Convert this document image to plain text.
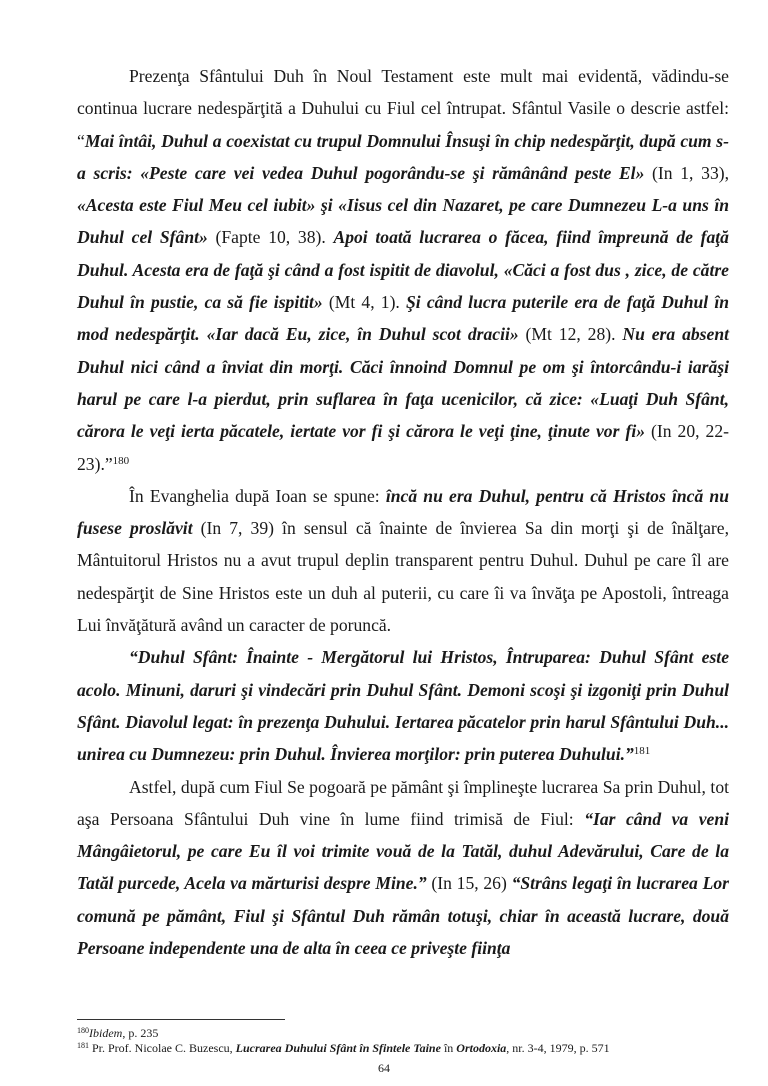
Prezenţa Sfântului Duh în Noul Testament este mult mai evidentă, vădindu-se continua lucrare nedespărţită a Duhului cu Fiul cel întrupat. Sfântul Vasile o descrie astfel: “Mai întâi, Duhul a coexistat cu trupul Domnului Însuşi în chip nedespărţit, după cum s-a scris: «Peste care vei vedea Duhul pogorându-se şi rămânând peste El» (In 1, 33), «Acesta este Fiul Meu cel iubit» şi «Iisus cel din Nazaret, pe care Dumnezeu L-a uns în Duhul cel Sfânt» (Fapte 10, 38). Apoi toată lucrarea o făcea, fiind împreună de faţă Duhul. Acesta era de faţă şi când a fost ispitit de diavolul, «Căci a fost dus , zice, de către Duhul în pustie, ca să fie ispitit» (Mt 4, 1). Şi când lucra puterile era de faţă Duhul în mod nedespărţit. «Iar dacă Eu, zice, în Duhul scot dracii» (Mt 12, 28). Nu era absent Duhul nici când a înviat din morţi. Căci înnoind Domnul pe om şi întorcându-i iarăşi harul pe care l-a pierdut, prin suflarea în faţa ucenicilor, că zice: «Luaţi Duh Sfânt, cărora le veţi ierta păcatele, iertate vor fi şi cărora le veţi ţine, ţinute vor fi» (In 20, 22-23).”$^{180}$

În Evanghelia după Ioan se spune: încă nu era Duhul, pentru că Hristos încă nu fusese proslăvit (In 7, 39) în sensul că înainte de învierea Sa din morţi şi de înălţare, Mântuitorul Hristos nu a avut trupul deplin transparent pentru Duhul. Duhul pe care îl are nedespărţit de Sine Hristos este un duh al puterii, cu care îi va învăţa pe Apostoli, întreaga Lui învăţătură având un caracter de poruncă.

“Duhul Sfânt: Înainte - Mergătorul lui Hristos, Întruparea: Duhul Sfânt este acolo. Minuni, daruri şi vindecări prin Duhul Sfânt. Demoni scoşi şi izgoniţi prin Duhul Sfânt. Diavolul legat: în prezenţa Duhului. Iertarea păcatelor prin harul Sfântului Duh... unirea cu Dumnezeu: prin Duhul. Învierea morţilor: prin puterea Duhului.”$^{181}$

Astfel, după cum Fiul Se pogoară pe pământ şi împlineşte lucrarea Sa prin Duhul, tot aşa Persoana Sfântului Duh vine în lume fiind trimisă de Fiul: “Iar când va veni Mângâietorul, pe care Eu îl voi trimite vouă de la Tatăl, duhul Adevărului, Care de la Tatăl purcede, Acela va mărturisi despre Mine.” (In 15, 26) “Strâns legaţi în lucrarea Lor comună pe pământ, Fiul şi Sfântul Duh rămân totuşi, chiar în această lucrare, două Persoane independente una de alta în ceea ce priveşte fiinţa

$^{180}$Ibidem, p. 235
$^{181}$ Pr. Prof. Nicolae C. Buzescu, Lucrarea Duhului Sfânt în Sfintele Taine în Ortodoxia, nr. 3-4, 1979, p. 571
64
